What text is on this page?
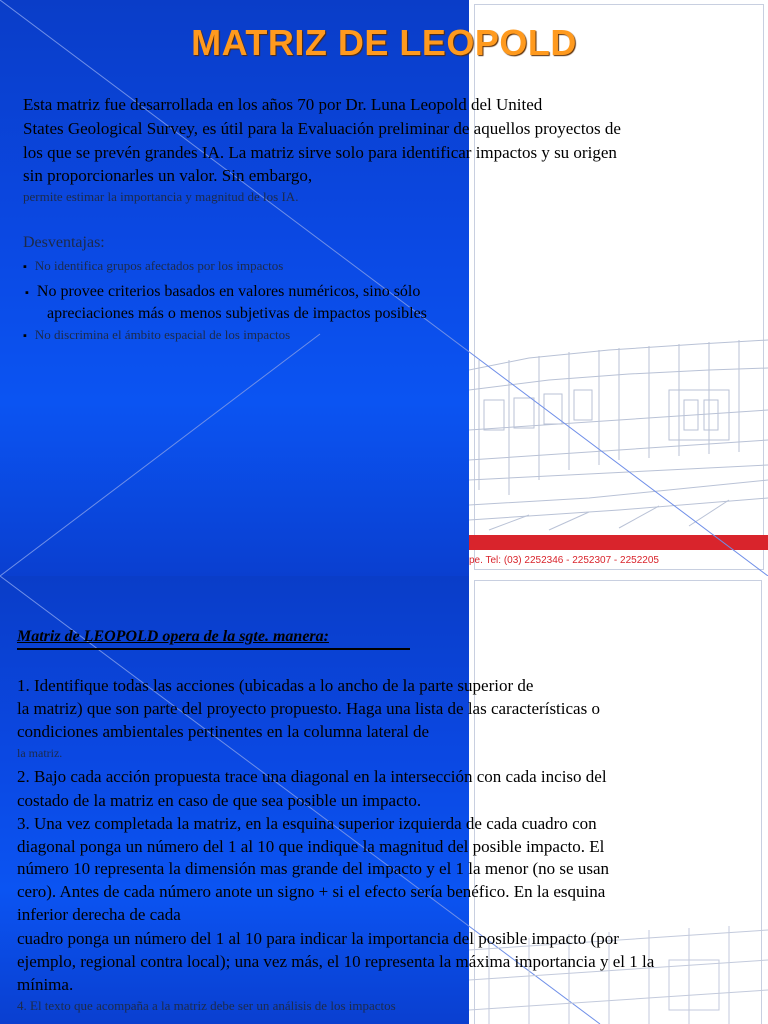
pe. Tel: (03) 2252346 - 2252307 - 2252205
MATRIZ DE LEOPOLD
Esta matriz fue desarrollada en los años 70 por Dr. Luna Leopold del United
States Geological Survey, es útil para la Evaluación preliminar de aquellos proyectos de
los que se prevén grandes IA. La matriz sirve solo para identificar impactos y su origen
sin proporcionarles un valor. Sin embargo,
permite estimar la importancia y magnitud de los IA.
Desventajas:
▪ No identifica grupos afectados por los impactos
▪ No provee criterios basados en valores numéricos, sino sólo
apreciaciones más o menos subjetivas de impactos posibles
▪ No discrimina el ámbito espacial de los impactos
Matriz de LEOPOLD opera de la sgte. manera:
1. Identifique todas las acciones (ubicadas a lo ancho de la parte superior de
la matriz) que son parte del proyecto propuesto. Haga una lista de las características o
condiciones ambientales pertinentes en la columna lateral de
la matriz.
2. Bajo cada acción propuesta trace una diagonal en la intersección con cada inciso del
costado de la matriz en caso de que sea posible un impacto.
3. Una vez completada la matriz, en la esquina superior izquierda de cada cuadro con
diagonal ponga un número del 1 al 10 que indique la magnitud del posible impacto. El
número 10 representa la dimensión mas grande del impacto y el 1 la menor (no se usan
cero). Antes de cada número anote un signo + si el efecto sería benéfico. En la esquina
inferior derecha de cada
cuadro ponga un número del 1 al 10 para indicar la importancia del posible impacto (por
ejemplo, regional contra local); una vez más, el 10 representa la máxima importancia y el 1 la
mínima.
4. El texto que acompaña a la matriz debe ser un análisis de los impactos
